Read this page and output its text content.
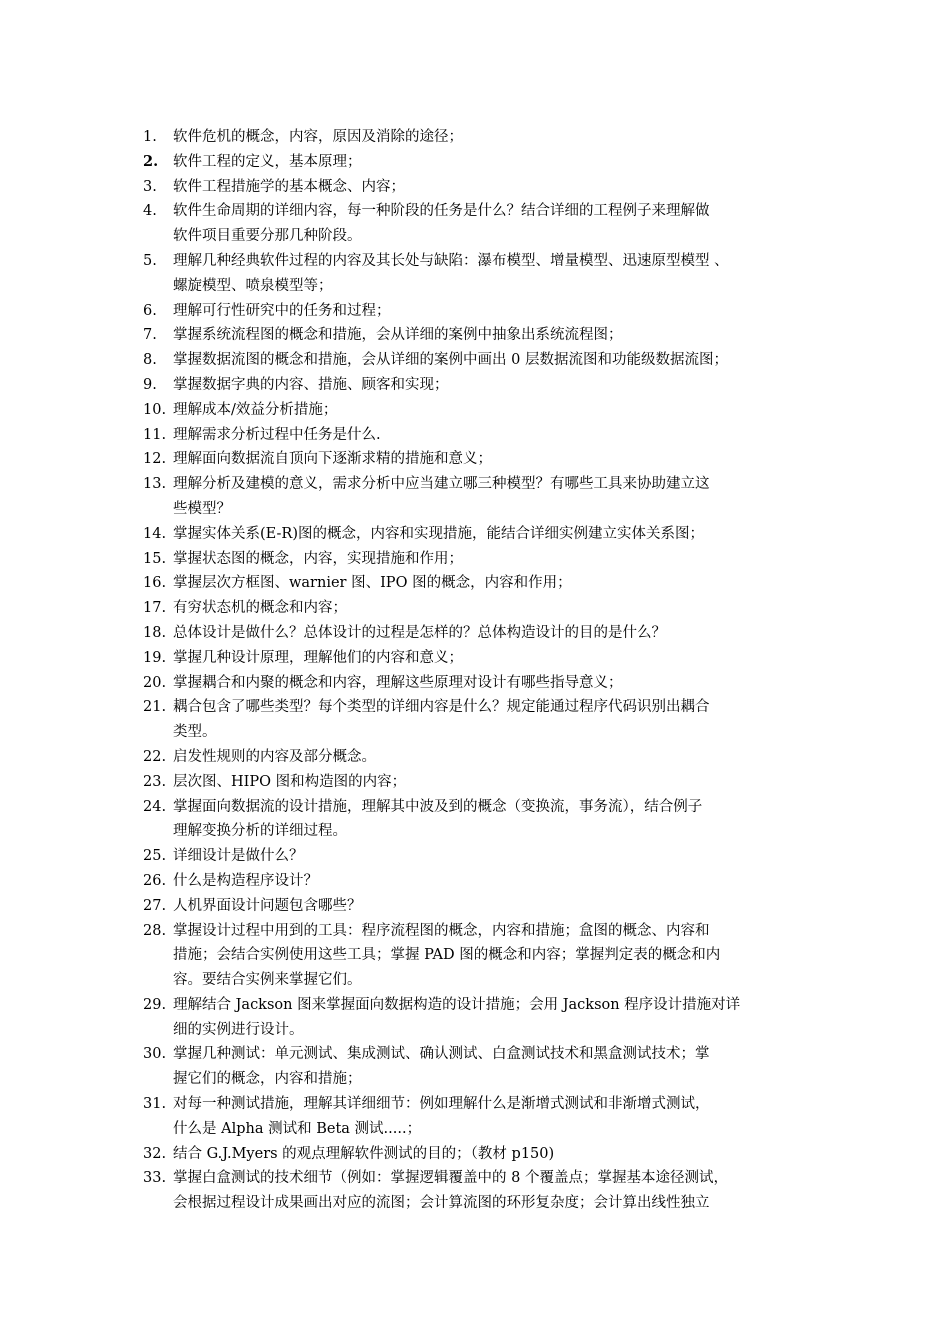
1.	软件危机的概念，内容，原因及消除的途径；
2.	软件工程的定义，基本原理；
3.	软件工程措施学的基本概念、内容；
4.	软件生命周期的详细内容，每一种阶段的任务是什么？结合详细的工程例子来理解做
软件项目重要分那几种阶段。
5.	理解几种经典软件过程的内容及其长处与缺陷：瀑布模型、增量模型、迅速原型模型 、
螺旋模型、喷泉模型等；
6.	理解可行性研究中的任务和过程；
7.	掌握系统流程图的概念和措施，会从详细的案例中抽象出系统流程图；
8.	掌握数据流图的概念和措施，会从详细的案例中画出 0 层数据流图和功能级数据流图；
9.	掌握数据字典的内容、措施、顾客和实现；
10. 理解成本/效益分析措施；
11. 理解需求分析过程中任务是什么.
12. 理解面向数据流自顶向下逐渐求精的措施和意义；
13. 理解分析及建模的意义，需求分析中应当建立哪三种模型？有哪些工具来协助建立这
些模型？
14. 掌握实体关系(E-R)图的概念，内容和实现措施，能结合详细实例建立实体关系图；
15. 掌握状态图的概念，内容，实现措施和作用；
16. 掌握层次方框图、warnier 图、IPO 图的概念，内容和作用；
17. 有穷状态机的概念和内容；
18. 总体设计是做什么？总体设计的过程是怎样的？总体构造设计的目的是什么？
19. 掌握几种设计原理，理解他们的内容和意义；
20. 掌握耦合和内聚的概念和内容，理解这些原理对设计有哪些指导意义；
21. 耦合包含了哪些类型？每个类型的详细内容是什么？规定能通过程序代码识别出耦合
类型。
22. 启发性规则的内容及部分概念。
23. 层次图、HIPO 图和构造图的内容；
24. 掌握面向数据流的设计措施，理解其中波及到的概念（变换流，事务流），结合例子
理解变换分析的详细过程。
25. 详细设计是做什么？
26. 什么是构造程序设计？
27. 人机界面设计问题包含哪些？
28. 掌握设计过程中用到的工具：程序流程图的概念，内容和措施；盒图的概念、内容和
措施；会结合实例使用这些工具；掌握 PAD 图的概念和内容；掌握判定表的概念和内
容。要结合实例来掌握它们。
29. 理解结合 Jackson 图来掌握面向数据构造的设计措施；会用 Jackson 程序设计措施对详
细的实例进行设计。
30. 掌握几种测试：单元测试、集成测试、确认测试、白盒测试技术和黑盒测试技术；掌
握它们的概念，内容和措施；
31. 对每一种测试措施，理解其详细细节：例如理解什么是渐增式测试和非渐增式测试，
什么是 Alpha 测试和 Beta 测试.....；
32. 结合 G.J.Myers 的观点理解软件测试的目的；（教材 p150)
33. 掌握白盒测试的技术细节（例如：掌握逻辑覆盖中的 8 个覆盖点；掌握基本途径测试，
会根据过程设计成果画出对应的流图；会计算流图的环形复杂度；会计算出线性独立
